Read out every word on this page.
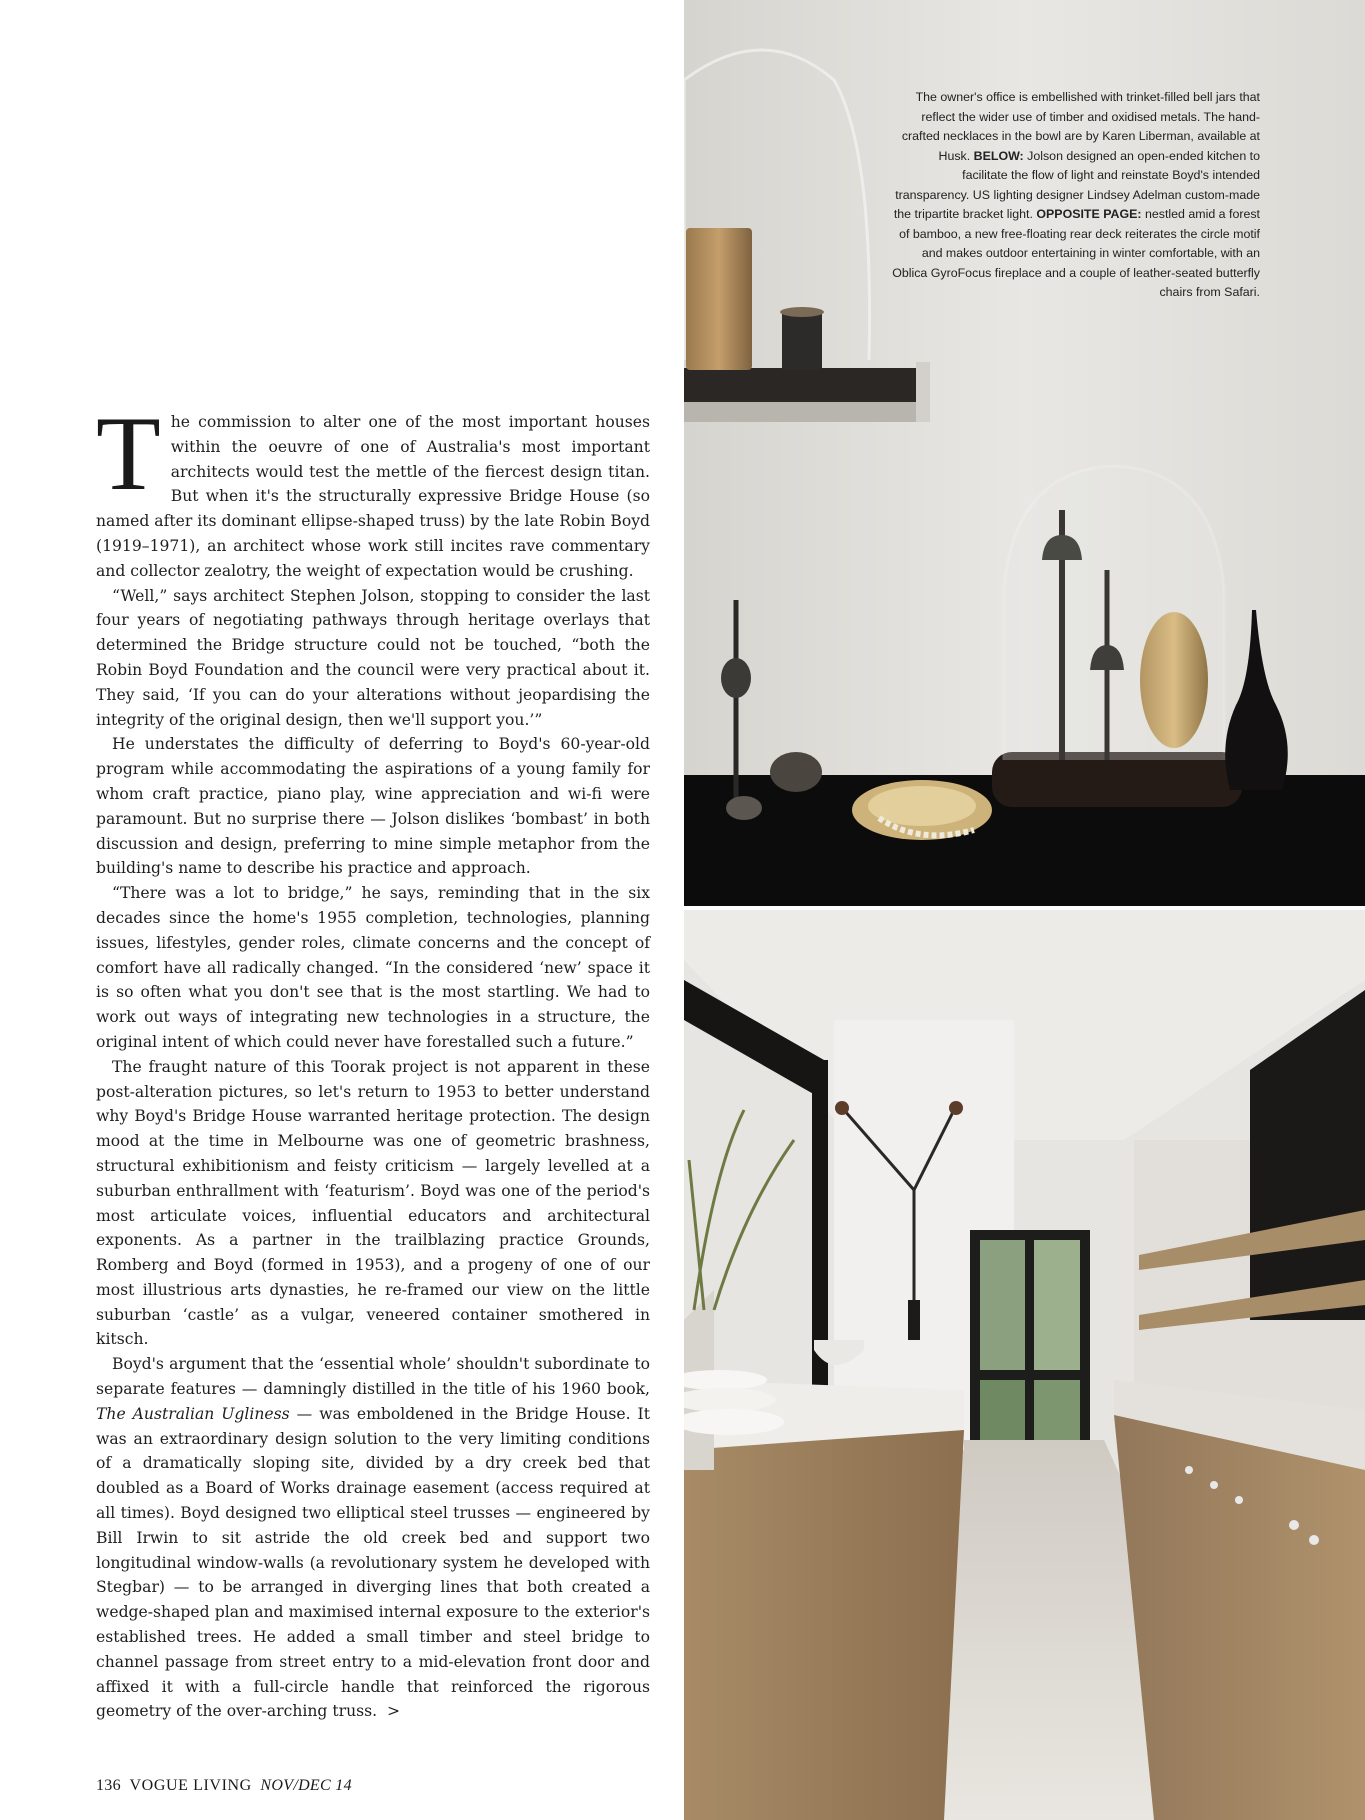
The commission to alter one of the most important houses within the oeuvre of one of Australia's most important architects would test the mettle of the fiercest design titan. But when it's the structurally expressive Bridge House (so named after its dominant ellipse-shaped truss) by the late Robin Boyd (1919–1971), an architect whose work still incites rave commentary and collector zealotry, the weight of expectation would be crushing.

“Well,” says architect Stephen Jolson, stopping to consider the last four years of negotiating pathways through heritage overlays that determined the Bridge structure could not be touched, “both the Robin Boyd Foundation and the council were very practical about it. They said, ‘If you can do your alterations without jeopardising the integrity of the original design, then we'll support you.’”

He understates the difficulty of deferring to Boyd's 60-year-old program while accommodating the aspirations of a young family for whom craft practice, piano play, wine appreciation and wi-fi were paramount. But no surprise there — Jolson dislikes ‘bombast’ in both discussion and design, preferring to mine simple metaphor from the building's name to describe his practice and approach.

“There was a lot to bridge,” he says, reminding that in the six decades since the home's 1955 completion, technologies, planning issues, lifestyles, gender roles, climate concerns and the concept of comfort have all radically changed. “In the considered ‘new’ space it is so often what you don't see that is the most startling. We had to work out ways of integrating new technologies in a structure, the original intent of which could never have forestalled such a future.”

The fraught nature of this Toorak project is not apparent in these post-alteration pictures, so let's return to 1953 to better understand why Boyd's Bridge House warranted heritage protection. The design mood at the time in Melbourne was one of geometric brashness, structural exhibitionism and feisty criticism — largely levelled at a suburban enthrallment with ‘featurism’. Boyd was one of the period's most articulate voices, influential educators and architectural exponents. As a partner in the trailblazing practice Grounds, Romberg and Boyd (formed in 1953), and a progeny of one of our most illustrious arts dynasties, he re-framed our view on the little suburban ‘castle’ as a vulgar, veneered container smothered in kitsch.

Boyd's argument that the ‘essential whole’ shouldn't subordinate to separate features — damningly distilled in the title of his 1960 book, The Australian Ugliness — was emboldened in the Bridge House. It was an extraordinary design solution to the very limiting conditions of a dramatically sloping site, divided by a dry creek bed that doubled as a Board of Works drainage easement (access required at all times). Boyd designed two elliptical steel trusses — engineered by Bill Irwin to sit astride the old creek bed and support two longitudinal window-walls (a revolutionary system he developed with Stegbar) — to be arranged in diverging lines that both created a wedge-shaped plan and maximised internal exposure to the exterior's established trees. He added a small timber and steel bridge to channel passage from street entry to a mid-elevation front door and affixed it with a full-circle handle that reinforced the rigorous geometry of the over-arching truss. >

136 VOGUE LIVING NOV/DEC 14
The owner's office is embellished with trinket-filled bell jars that reflect the wider use of timber and oxidised metals. The hand-crafted necklaces in the bowl are by Karen Liberman, available at Husk. BELOW: Jolson designed an open-ended kitchen to facilitate the flow of light and reinstate Boyd's intended transparency. US lighting designer Lindsey Adelman custom-made the tripartite bracket light. OPPOSITE PAGE: nestled amid a forest of bamboo, a new free-floating rear deck reiterates the circle motif and makes outdoor entertaining in winter comfortable, with an Oblica GyroFocus fireplace and a couple of leather-seated butterfly chairs from Safari.
